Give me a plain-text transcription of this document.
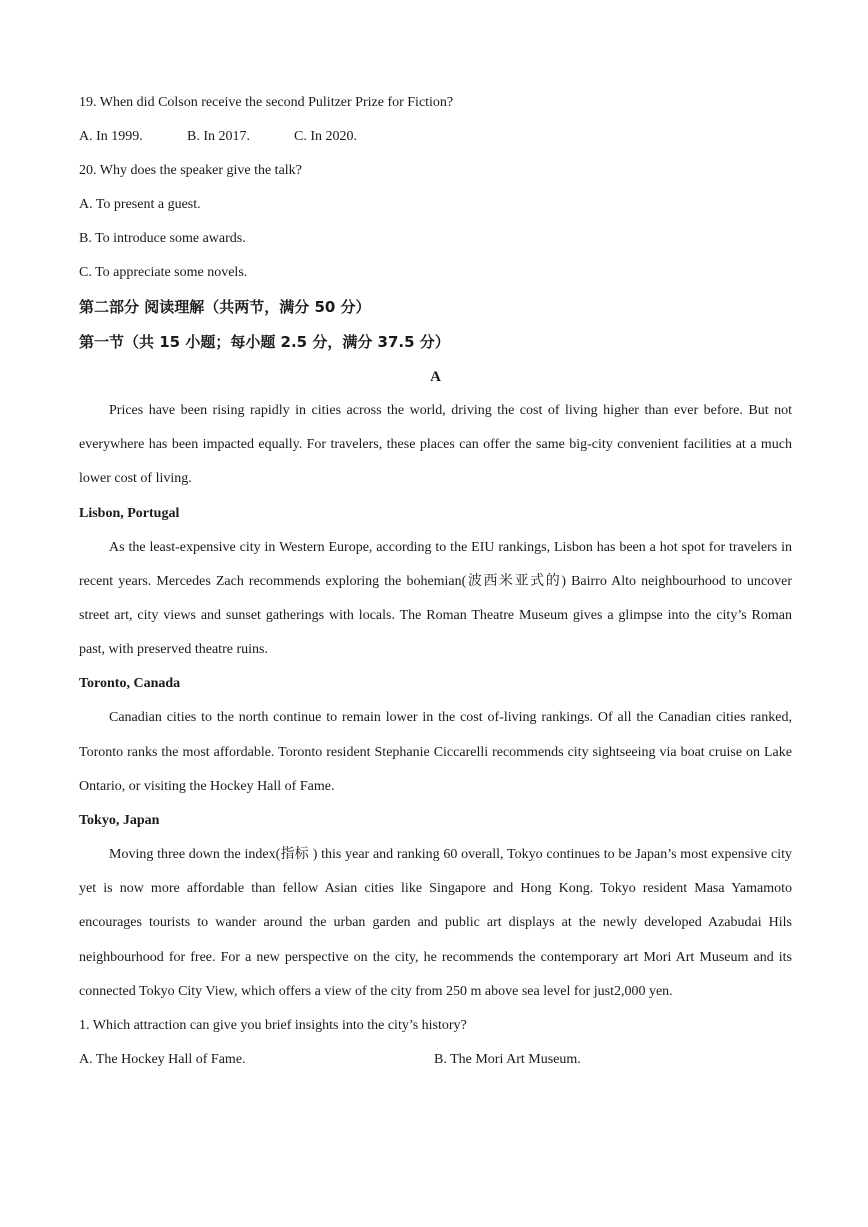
19. When did Colson receive the second Pulitzer Prize for Fiction?
A. In 1999.	B. In 2017.	C. In 2020.
20. Why does the speaker give the talk?
A. To present a guest.
B. To introduce some awards.
C. To appreciate some novels.
第二部分 阅读理解（共两节，满分 50 分）
第一节（共 15 小题；每小题 2.5 分，满分 37.5 分）
A

Prices have been rising rapidly in cities across the world, driving the cost of living higher than ever before. But not everywhere has been impacted equally. For travelers, these places can offer the same big-city convenient facilities at a much lower cost of living.

Lisbon, Portugal

As the least-expensive city in Western Europe, according to the EIU rankings, Lisbon has been a hot spot for travelers in recent years. Mercedes Zach recommends exploring the bohemian(波西米亚式的) Bairro Alto neighbourhood to uncover street art, city views and sunset gatherings with locals. The Roman Theatre Museum gives a glimpse into the city’s Roman past, with preserved theatre ruins.

Toronto, Canada

Canadian cities to the north continue to remain lower in the cost of-living rankings. Of all the Canadian cities ranked, Toronto ranks the most affordable. Toronto resident Stephanie Ciccarelli recommends city sightseeing via boat cruise on Lake Ontario, or visiting the Hockey Hall of Fame.

Tokyo, Japan

Moving three down the index(指标 ) this year and ranking 60 overall, Tokyo continues to be Japan’s most expensive city yet is now more affordable than fellow Asian cities like Singapore and Hong Kong. Tokyo resident Masa Yamamoto encourages tourists to wander around the urban garden and public art displays at the newly developed Azabudai Hils neighbourhood for free. For a new perspective on the city, he recommends the contemporary art Mori Art Museum and its connected Tokyo City View, which offers a view of the city from 250 m above sea level for just2,000 yen.

1. Which attraction can give you brief insights into the city’s history?
A. The Hockey Hall of Fame.	B. The Mori Art Museum.
